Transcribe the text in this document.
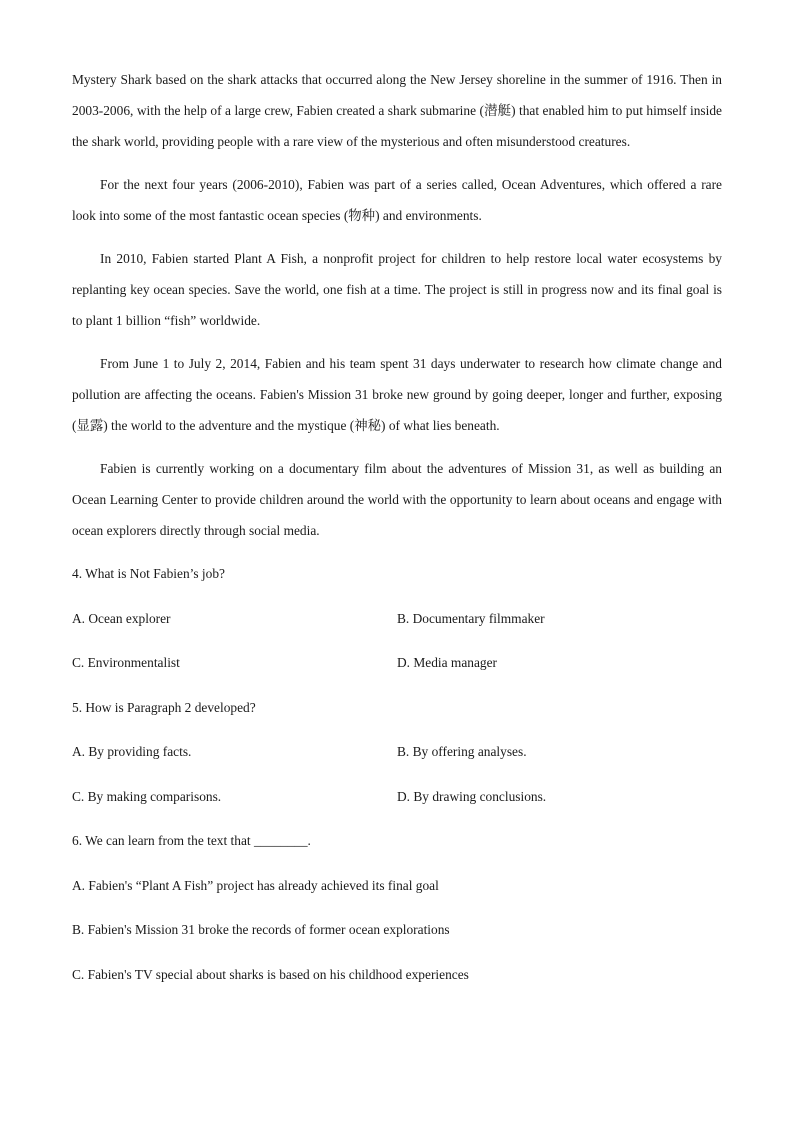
Mystery Shark based on the shark attacks that occurred along the New Jersey shoreline in the summer of 1916. Then in 2003-2006, with the help of a large crew, Fabien created a shark submarine (潜艇) that enabled him to put himself inside the shark world, providing people with a rare view of the mysterious and often misunderstood creatures.

For the next four years (2006-2010), Fabien was part of a series called, Ocean Adventures, which offered a rare look into some of the most fantastic ocean species (物种) and environments.

In 2010, Fabien started Plant A Fish, a nonprofit project for children to help restore local water ecosystems by replanting key ocean species. Save the world, one fish at a time. The project is still in progress now and its final goal is to plant 1 billion “fish” worldwide.

From June 1 to July 2, 2014, Fabien and his team spent 31 days underwater to research how climate change and pollution are affecting the oceans. Fabien's Mission 31 broke new ground by going deeper, longer and further, exposing (显露) the world to the adventure and the mystique (神秘) of what lies beneath.

Fabien is currently working on a documentary film about the adventures of Mission 31, as well as building an Ocean Learning Center to provide children around the world with the opportunity to learn about oceans and engage with ocean explorers directly through social media.

4. What is Not Fabien’s job?
A. Ocean explorer	B. Documentary filmmaker
C. Environmentalist	D. Media manager
5. How is Paragraph 2 developed?
A. By providing facts.	B. By offering analyses.
C. By making comparisons.	D. By drawing conclusions.
6. We can learn from the text that ________.
A. Fabien's “Plant A Fish” project has already achieved its final goal
B. Fabien's Mission 31 broke the records of former ocean explorations
C. Fabien's TV special about sharks is based on his childhood experiences
